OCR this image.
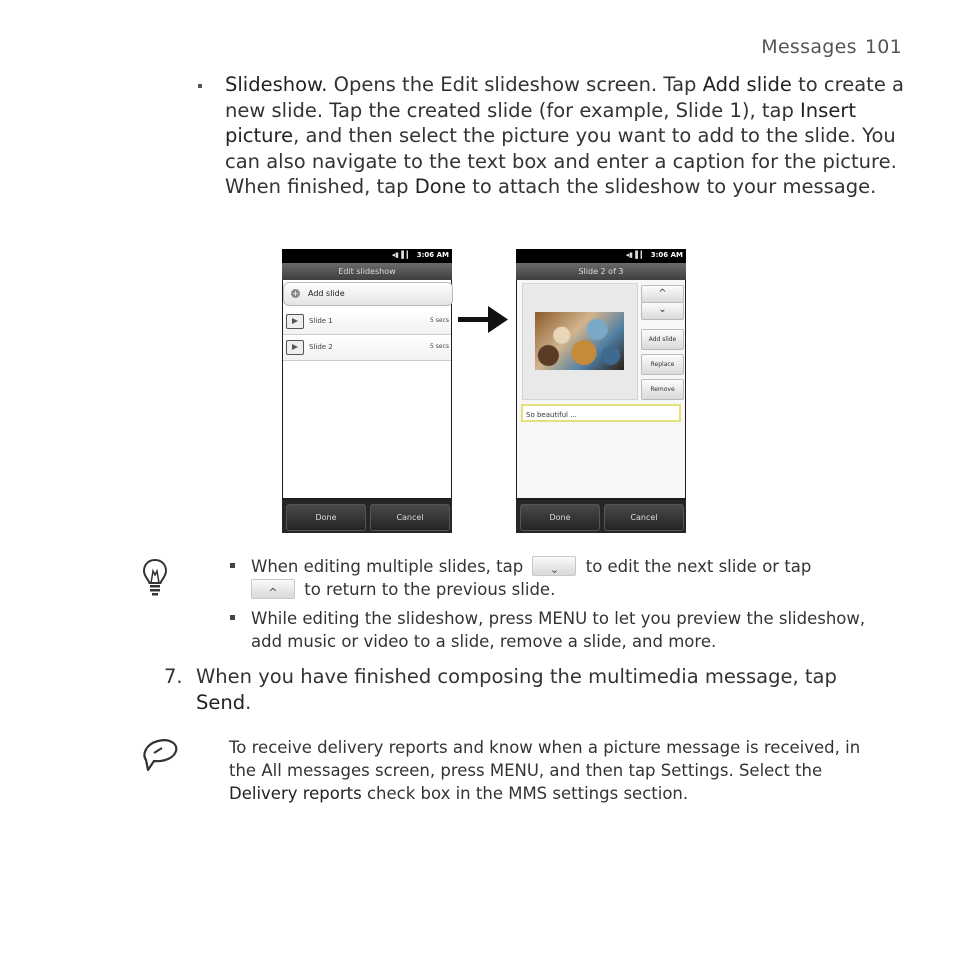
Messages 101
Slideshow. Opens the Edit slideshow screen. Tap Add slide to create a new slide. Tap the created slide (for example, Slide 1), tap Insert picture, and then select the picture you want to add to the slide. You can also navigate to the text box and enter a caption for the picture. When finished, tap Done to attach the slideshow to your message.
◂▮ ▌▎ 3:06 AM
Edit slideshow
+ Add slide
Slide 1	5 secs
Slide 2	5 secs
Done	Cancel
◂▮ ▌▎ 3:06 AM
Slide 2 of 3
^
⌄
Add slide
Replace
Remove
So beautiful ...
Done	Cancel
When editing multiple slides, tap	⌄	to edit the next slide or tap

^	to return to the previous slide.
While editing the slideshow, press MENU to let you preview the slideshow, add music or video to a slide, remove a slide, and more.
7. When you have finished composing the multimedia message, tap Send.
To receive delivery reports and know when a picture message is received, in the All messages screen, press MENU, and then tap Settings. Select the Delivery reports check box in the MMS settings section.
